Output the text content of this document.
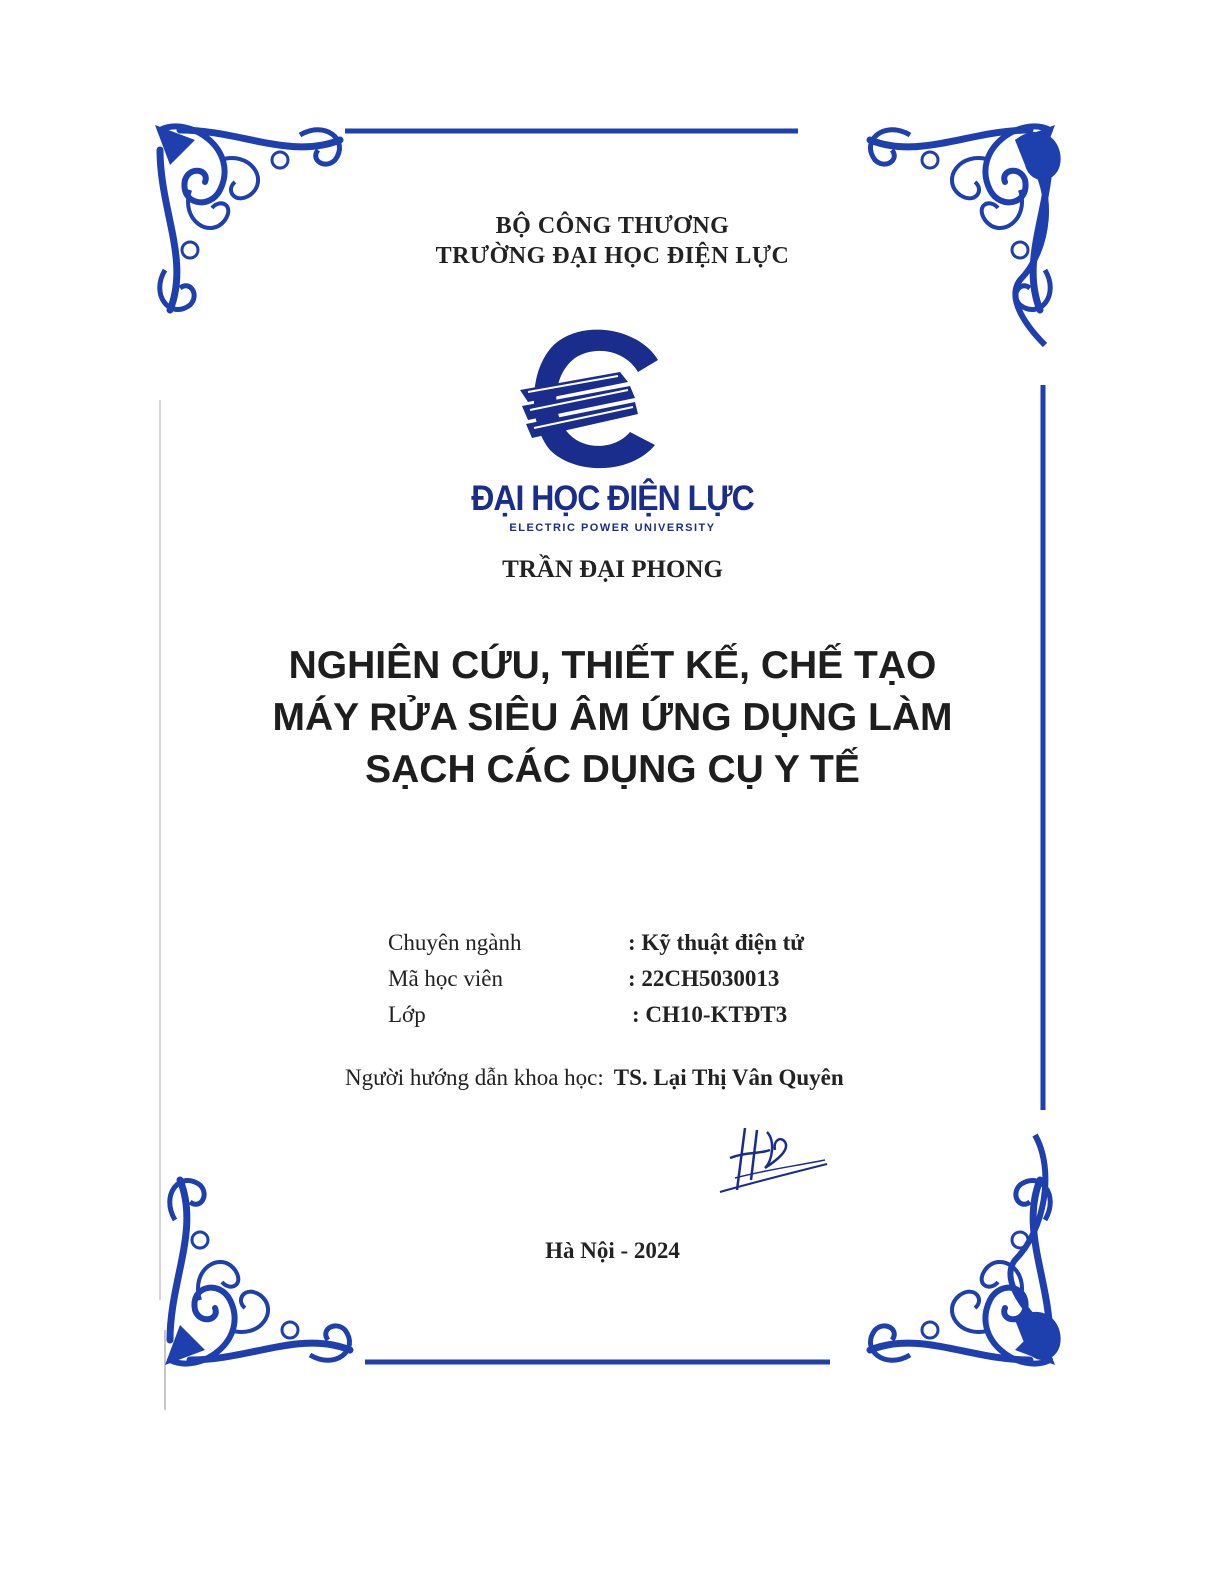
BỘ CÔNG THƯƠNG
TRƯỜNG ĐẠI HỌC ĐIỆN LỰC
ĐẠI HỌC ĐIỆN LỰC
ELECTRIC POWER UNIVERSITY
TRẦN ĐẠI PHONG
NGHIÊN CỨU, THIẾT KẾ, CHẾ TẠO
MÁY RỬA SIÊU ÂM ỨNG DỤNG LÀM
SẠCH CÁC DỤNG CỤ Y TẾ
Chuyên ngành	: Kỹ thuật điện tử
Mã học viên	: 22CH5030013
Lớp	: CH10-KTĐT3
Người hướng dẫn khoa học: TS. Lại Thị Vân Quyên
Hà Nội - 2024
